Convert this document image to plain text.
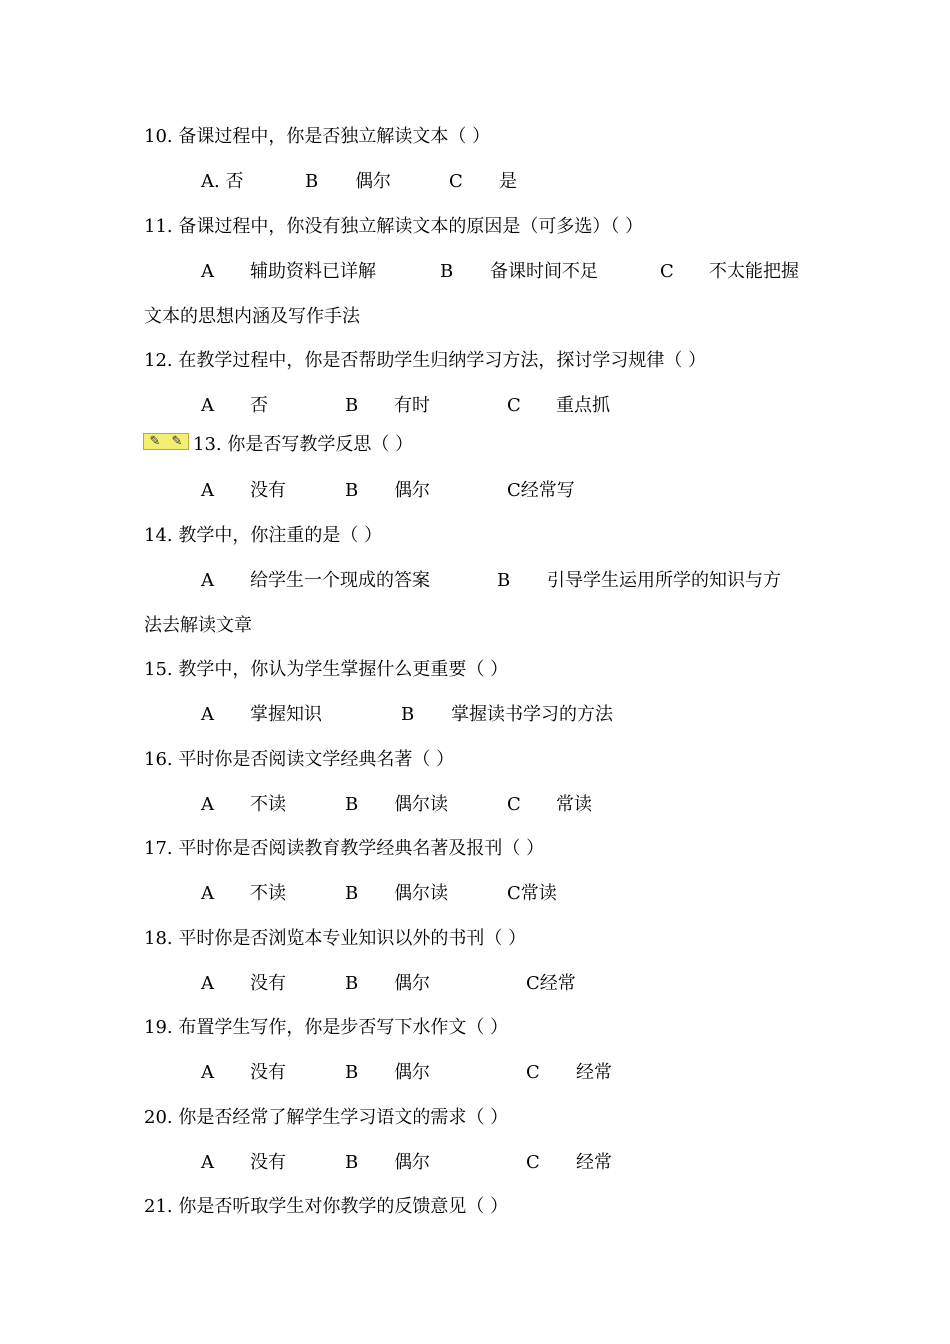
10. 备课过程中，你是否独立解读文本（ ）
A. 否	B 偶尔	C 是
11. 备课过程中，你没有独立解读文本的原因是（可多选）（ ）
A 辅助资料已详解	B 备课时间不足	C 不太能把握
文本的思想内涵及写作手法
12. 在教学过程中，你是否帮助学生归纳学习方法，探讨学习规律（ ）
A 否	B 有时	C 重点抓
✎ ✎ 13. 你是否写教学反思（ ）
A 没有	B 偶尔	C经常写
14. 教学中，你注重的是（ ）
A 给学生一个现成的答案	B 引导学生运用所学的知识与方
法去解读文章
15. 教学中，你认为学生掌握什么更重要（ ）
A 掌握知识	B 掌握读书学习的方法
16. 平时你是否阅读文学经典名著（ ）
A 不读	B 偶尔读	C 常读
17. 平时你是否阅读教育教学经典名著及报刊（ ）
A 不读	B 偶尔读	C常读
18. 平时你是否浏览本专业知识以外的书刊（ ）
A 没有	B 偶尔	C经常
19. 布置学生写作，你是步否写下水作文（ ）
A 没有	B 偶尔	C 经常
20. 你是否经常了解学生学习语文的需求（ ）
A 没有	B 偶尔	C 经常
21. 你是否听取学生对你教学的反馈意见（ ）
